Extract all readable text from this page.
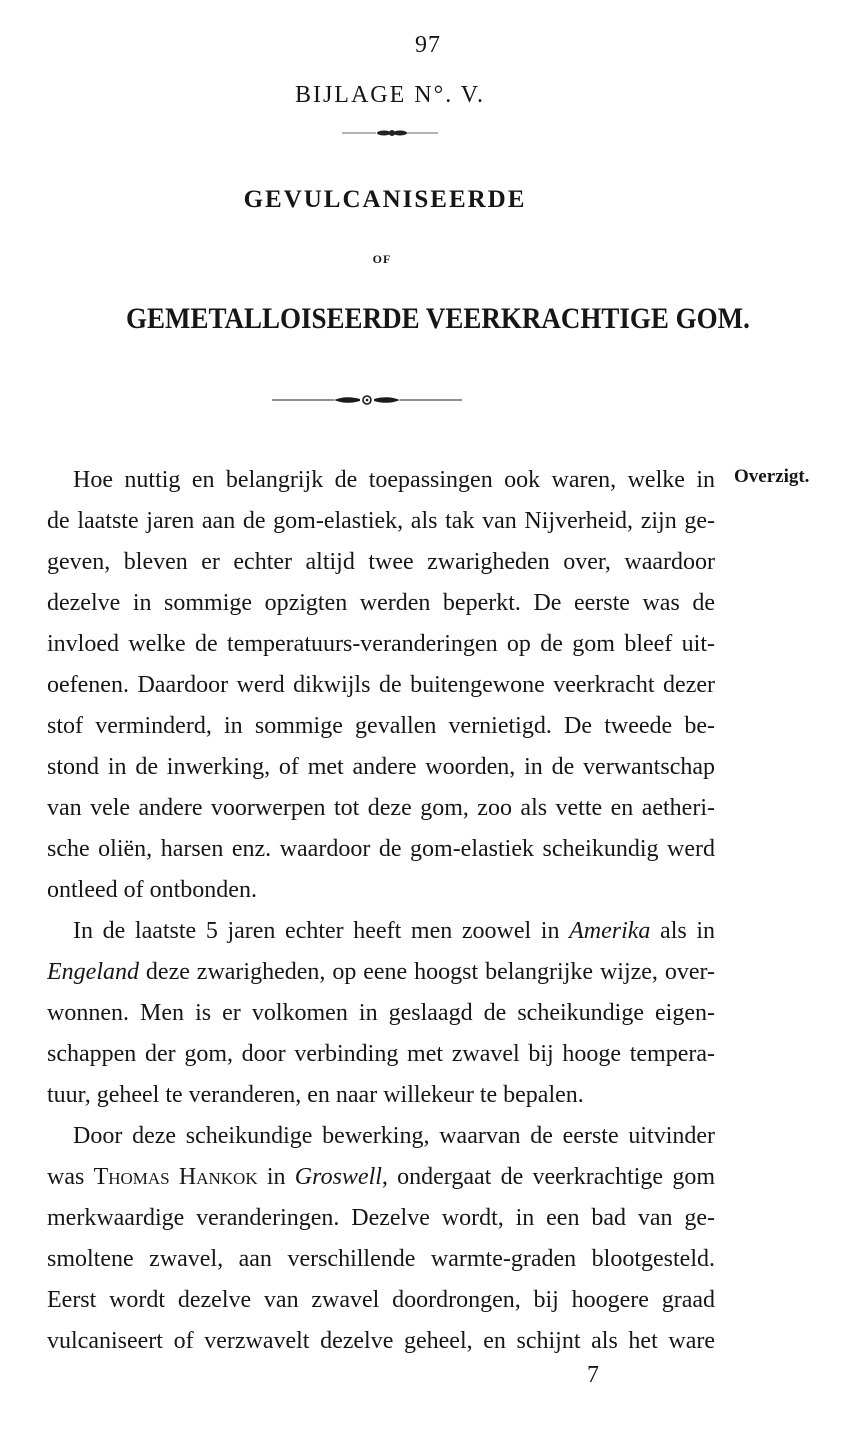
97
BIJLAGE N°. V.
GEVULCANISEERDE
OF
GEMETALLOISEERDE VEERKRACHTIGE GOM.
Overzigt.
Hoe nuttig en belangrijk de toepassingen ook waren, welke in
de laatste jaren aan de gom-elastiek, als tak van Nijverheid, zijn ge-
geven, bleven er echter altijd twee zwarigheden over, waardoor
dezelve in sommige opzigten werden beperkt. De eerste was de
invloed welke de temperatuurs-veranderingen op de gom bleef uit-
oefenen. Daardoor werd dikwijls de buitengewone veerkracht dezer
stof verminderd, in sommige gevallen vernietigd. De tweede be-
stond in de inwerking, of met andere woorden, in de verwantschap
van vele andere voorwerpen tot deze gom, zoo als vette en aetheri-
sche oliën, harsen enz. waardoor de gom-elastiek scheikundig werd
ontleed of ontbonden.
In de laatste 5 jaren echter heeft men zoowel in Amerika als in
Engeland deze zwarigheden, op eene hoogst belangrijke wijze, over-
wonnen. Men is er volkomen in geslaagd de scheikundige eigen-
schappen der gom, door verbinding met zwavel bij hooge tempera-
tuur, geheel te veranderen, en naar willekeur te bepalen.
Door deze scheikundige bewerking, waarvan de eerste uitvinder
was Thomas Hankok in Groswell, ondergaat de veerkrachtige gom
merkwaardige veranderingen. Dezelve wordt, in een bad van ge-
smoltene zwavel, aan verschillende warmte-graden blootgesteld.
Eerst wordt dezelve van zwavel doordrongen, bij hoogere graad
vulcaniseert of verzwavelt dezelve geheel, en schijnt als het ware
7
